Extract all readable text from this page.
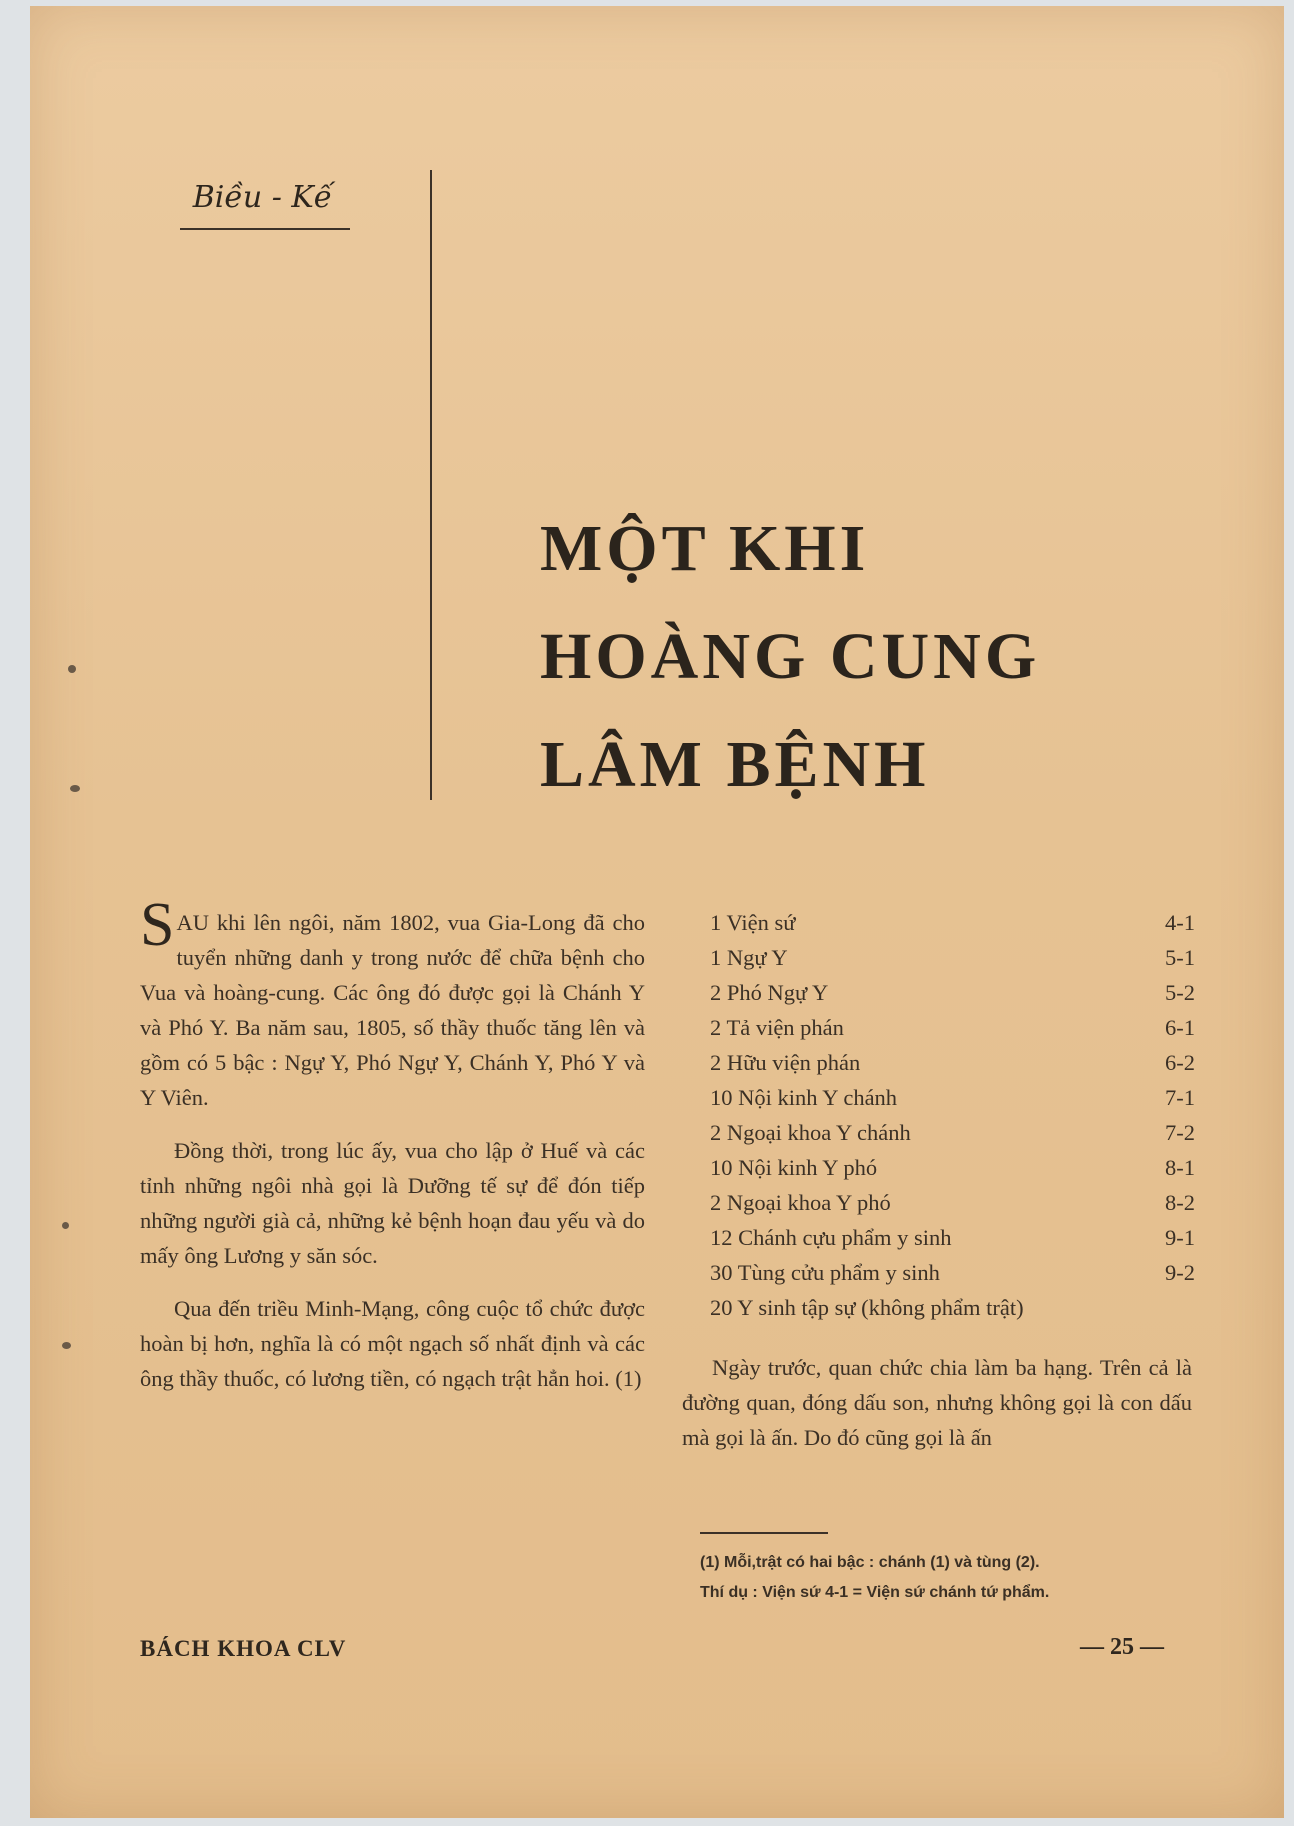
Biều - Kế
MỘT KHI
HOÀNG CUNG
LÂM BỆNH

SAU khi lên ngôi, năm 1802, vua Gia-Long đã cho tuyển những danh y trong nước để chữa bệnh cho Vua và hoàng-cung. Các ông đó được gọi là Chánh Y và Phó Y. Ba năm sau, 1805, số thầy thuốc tăng lên và gồm có 5 bậc : Ngự Y, Phó Ngự Y, Chánh Y, Phó Y và Y Viên.

Đồng thời, trong lúc ấy, vua cho lập ở Huế và các tỉnh những ngôi nhà gọi là Dưỡng tế sự để đón tiếp những người già cả, những kẻ bệnh hoạn đau yếu và do mấy ông Lương y săn sóc.

Qua đến triều Minh-Mạng, công cuộc tổ chức được hoàn bị hơn, nghĩa là có một ngạch số nhất định và các ông thầy thuốc, có lương tiền, có ngạch trật hẳn hoi. (1)

1 Viện sứ	4-1
1 Ngự Y	5-1
2 Phó Ngự Y	5-2
2 Tả viện phán	6-1
2 Hữu viện phán	6-2
10 Nội kinh Y chánh	7-1
2 Ngoại khoa Y chánh	7-2
10 Nội kinh Y phó	8-1
2 Ngoại khoa Y phó	8-2
12 Chánh cựu phẩm y sinh	9-1
30 Tùng cửu phẩm y sinh	9-2
20 Y sinh tập sự (không phẩm trật)

Ngày trước, quan chức chia làm ba hạng. Trên cả là đường quan, đóng dấu son, nhưng không gọi là con dấu mà gọi là ấn. Do đó cũng gọi là ấn

(1) Mỗi,trật có hai bậc : chánh (1) và tùng (2).
Thí dụ : Viện sứ 4-1 = Viện sứ chánh tứ phẩm.
BÁCH KHOA CLV	— 25 —
